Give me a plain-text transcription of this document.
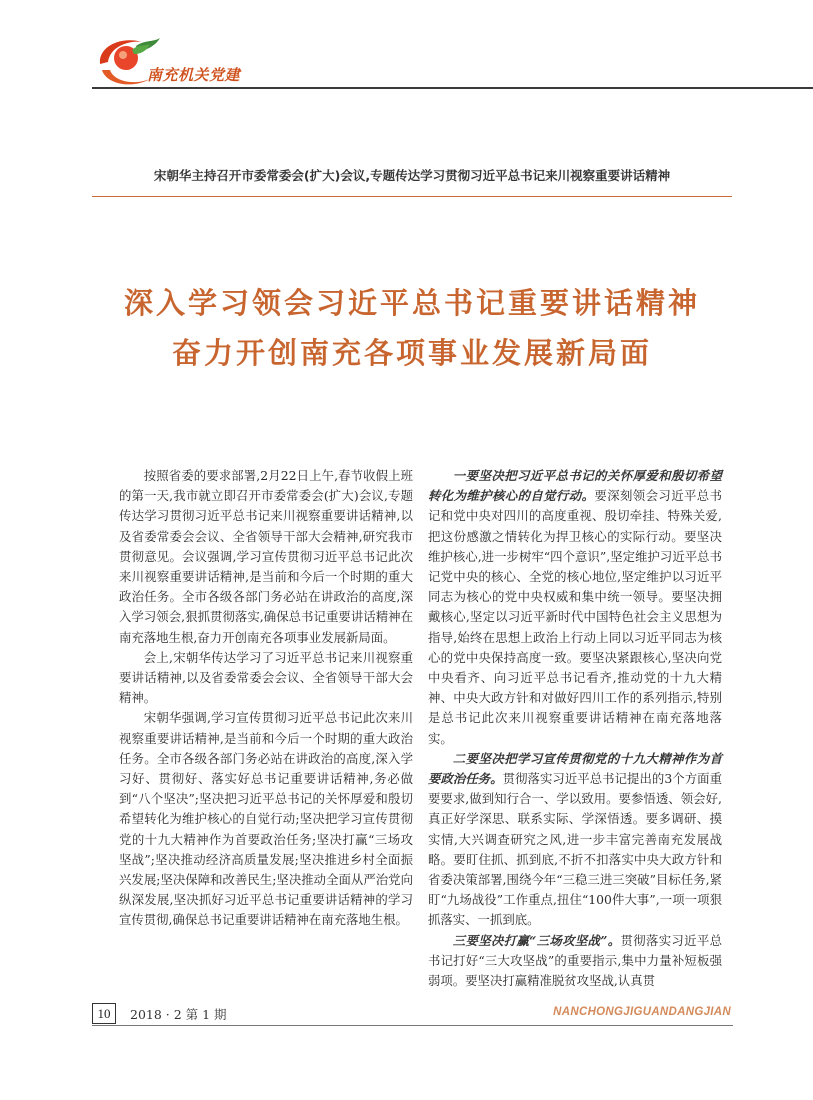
南充机关党建
宋朝华主持召开市委常委会(扩大)会议,专题传达学习贯彻习近平总书记来川视察重要讲话精神
深入学习领会习近平总书记重要讲话精神
奋力开创南充各项事业发展新局面

按照省委的要求部署,2月22日上午,春节收假上班的第一天,我市就立即召开市委常委会(扩大)会议,专题传达学习贯彻习近平总书记来川视察重要讲话精神,以及省委常委会会议、全省领导干部大会精神,研究我市贯彻意见。会议强调,学习宣传贯彻习近平总书记此次来川视察重要讲话精神,是当前和今后一个时期的重大政治任务。全市各级各部门务必站在讲政治的高度,深入学习领会,狠抓贯彻落实,确保总书记重要讲话精神在南充落地生根,奋力开创南充各项事业发展新局面。

会上,宋朝华传达学习了习近平总书记来川视察重要讲话精神,以及省委常委会会议、全省领导干部大会精神。

宋朝华强调,学习宣传贯彻习近平总书记此次来川视察重要讲话精神,是当前和今后一个时期的重大政治任务。全市各级各部门务必站在讲政治的高度,深入学习好、贯彻好、落实好总书记重要讲话精神,务必做到“八个坚决”;坚决把习近平总书记的关怀厚爱和殷切希望转化为维护核心的自觉行动;坚决把学习宣传贯彻党的十九大精神作为首要政治任务;坚决打赢“三场攻坚战”;坚决推动经济高质量发展;坚决推进乡村全面振兴发展;坚决保障和改善民生;坚决推动全面从严治党向纵深发展,坚决抓好习近平总书记重要讲话精神的学习宣传贯彻,确保总书记重要讲话精神在南充落地生根。

一要坚决把习近平总书记的关怀厚爱和殷切希望转化为维护核心的自觉行动。要深刻领会习近平总书记和党中央对四川的高度重视、殷切牵挂、特殊关爱,把这份感激之情转化为捍卫核心的实际行动。要坚决维护核心,进一步树牢“四个意识”,坚定维护习近平总书记党中央的核心、全党的核心地位,坚定维护以习近平同志为核心的党中央权威和集中统一领导。要坚决拥戴核心,坚定以习近平新时代中国特色社会主义思想为指导,始终在思想上政治上行动上同以习近平同志为核心的党中央保持高度一致。要坚决紧跟核心,坚决向党中央看齐、向习近平总书记看齐,推动党的十九大精神、中央大政方针和对做好四川工作的系列指示,特别是总书记此次来川视察重要讲话精神在南充落地落实。

二要坚决把学习宣传贯彻党的十九大精神作为首要政治任务。贯彻落实习近平总书记提出的3个方面重要要求,做到知行合一、学以致用。要参悟透、领会好,真正好学深思、联系实际、学深悟透。要多调研、摸实情,大兴调查研究之风,进一步丰富完善南充发展战略。要盯住抓、抓到底,不折不扣落实中央大政方针和省委决策部署,围绕今年“三稳三进三突破”目标任务,紧盯“九场战役”工作重点,扭住“100件大事”,一项一项狠抓落实、一抓到底。

三要坚决打赢“三场攻坚战”。贯彻落实习近平总书记打好“三大攻坚战”的重要指示,集中力量补短板强弱项。要坚决打赢精准脱贫攻坚战,认真贯

10	2018 · 2 第 1 期	NANCHONGJIGUANDANGJIAN
